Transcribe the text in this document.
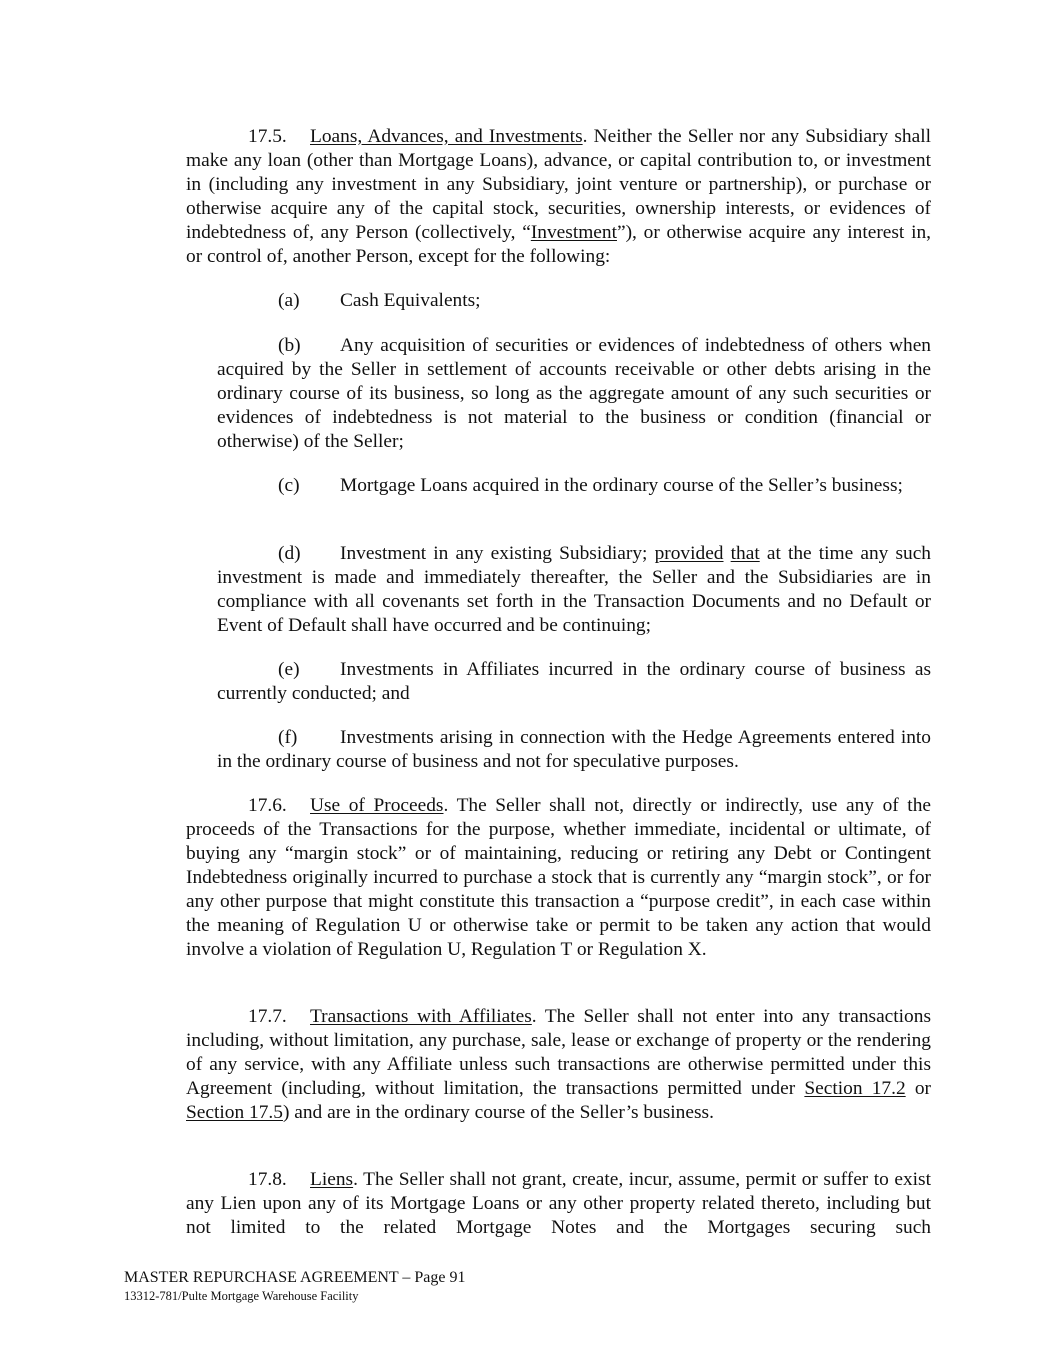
17.5. Loans, Advances, and Investments. Neither the Seller nor any Subsidiary shall make any loan (other than Mortgage Loans), advance, or capital contribution to, or investment in (including any investment in any Subsidiary, joint venture or partnership), or purchase or otherwise acquire any of the capital stock, securities, ownership interests, or evidences of indebtedness of, any Person (collectively, “Investment”), or otherwise acquire any interest in, or control of, another Person, except for the following:

(a) Cash Equivalents;

(b) Any acquisition of securities or evidences of indebtedness of others when acquired by the Seller in settlement of accounts receivable or other debts arising in the ordinary course of its business, so long as the aggregate amount of any such securities or evidences of indebtedness is not material to the business or condition (financial or otherwise) of the Seller;

(c) Mortgage Loans acquired in the ordinary course of the Seller’s business;

(d) Investment in any existing Subsidiary; provided that at the time any such investment is made and immediately thereafter, the Seller and the Subsidiaries are in compliance with all covenants set forth in the Transaction Documents and no Default or Event of Default shall have occurred and be continuing;

(e) Investments in Affiliates incurred in the ordinary course of business as currently conducted; and

(f) Investments arising in connection with the Hedge Agreements entered into in the ordinary course of business and not for speculative purposes.

17.6. Use of Proceeds. The Seller shall not, directly or indirectly, use any of the proceeds of the Transactions for the purpose, whether immediate, incidental or ultimate, of buying any “margin stock” or of maintaining, reducing or retiring any Debt or Contingent Indebtedness originally incurred to purchase a stock that is currently any “margin stock”, or for any other purpose that might constitute this transaction a “purpose credit”, in each case within the meaning of Regulation U or otherwise take or permit to be taken any action that would involve a violation of Regulation U, Regulation T or Regulation X.

17.7. Transactions with Affiliates. The Seller shall not enter into any transactions including, without limitation, any purchase, sale, lease or exchange of property or the rendering of any service, with any Affiliate unless such transactions are otherwise permitted under this Agreement (including, without limitation, the transactions permitted under Section 17.2 or Section 17.5) and are in the ordinary course of the Seller’s business.

17.8. Liens. The Seller shall not grant, create, incur, assume, permit or suffer to exist any Lien upon any of its Mortgage Loans or any other property related thereto, including but not limited to the related Mortgage Notes and the Mortgages securing such

MASTER REPURCHASE AGREEMENT – Page 91
13312-781/Pulte Mortgage Warehouse Facility
